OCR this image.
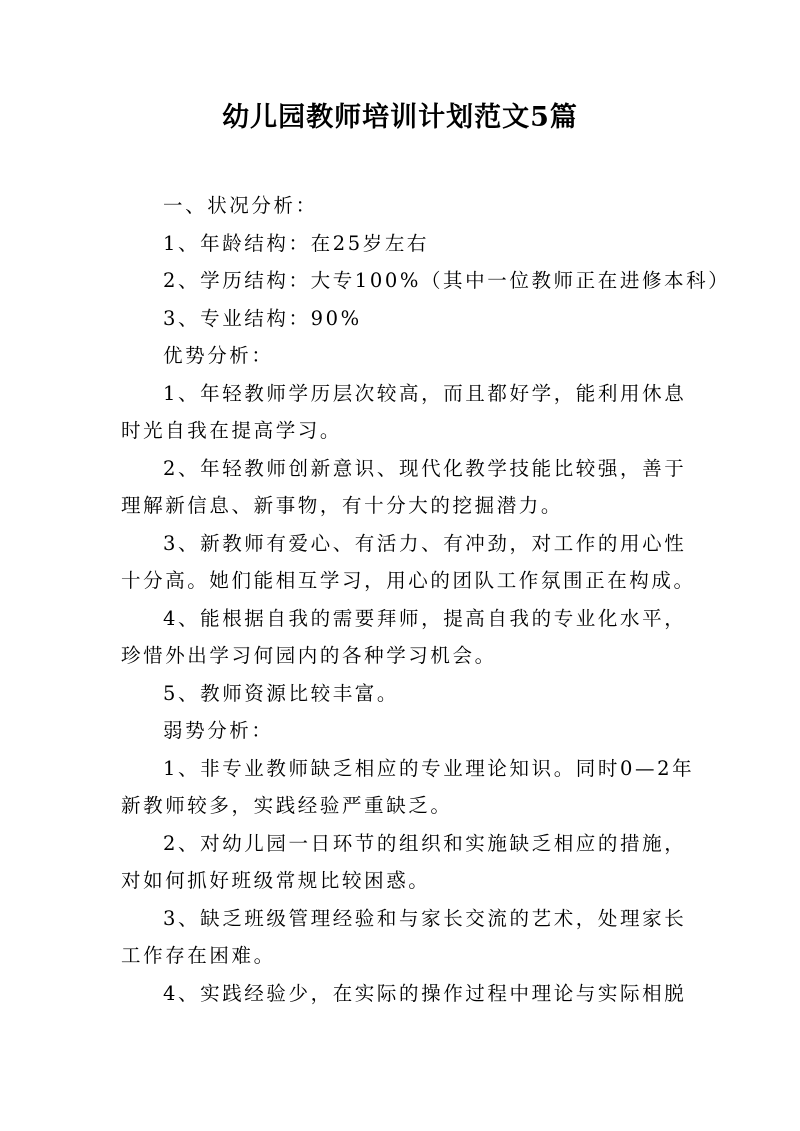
幼儿园教师培训计划范文5篇

一、状况分析：

1、年龄结构：在25岁左右

2、学历结构：大专100%（其中一位教师正在进修本科）

3、专业结构：90%

优势分析：

1、年轻教师学历层次较高，而且都好学，能利用休息

时光自我在提高学习。

2、年轻教师创新意识、现代化教学技能比较强，善于

理解新信息、新事物，有十分大的挖掘潜力。

3、新教师有爱心、有活力、有冲劲，对工作的用心性

十分高。她们能相互学习，用心的团队工作氛围正在构成。

4、能根据自我的需要拜师，提高自我的专业化水平，

珍惜外出学习何园内的各种学习机会。

5、教师资源比较丰富。

弱势分析：

1、非专业教师缺乏相应的专业理论知识。同时0—2年

新教师较多，实践经验严重缺乏。

2、对幼儿园一日环节的组织和实施缺乏相应的措施，

对如何抓好班级常规比较困惑。

3、缺乏班级管理经验和与家长交流的艺术，处理家长

工作存在困难。

4、实践经验少，在实际的操作过程中理论与实际相脱
